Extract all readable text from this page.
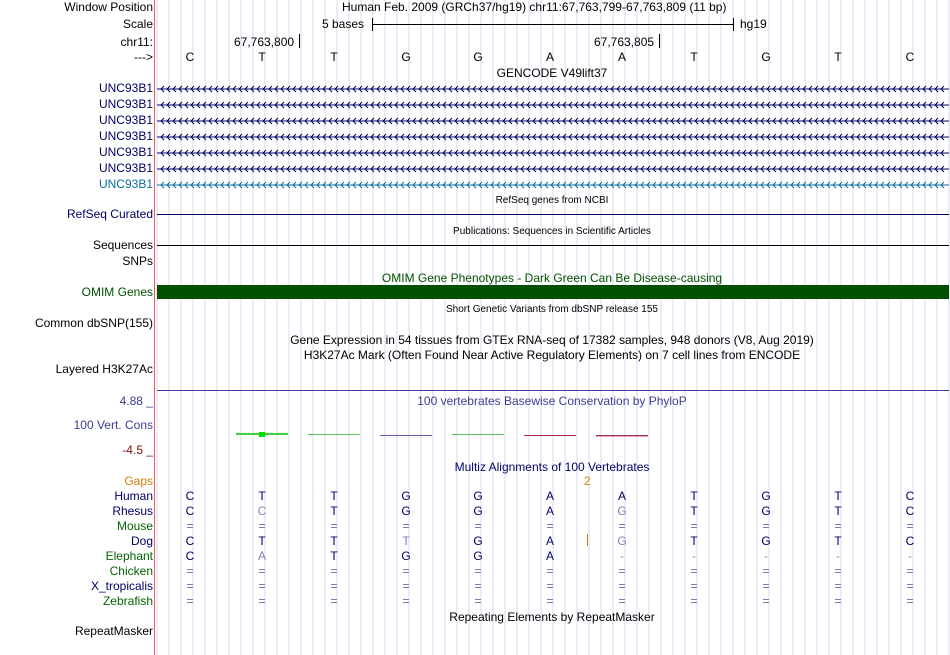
Window Position	Human Feb. 2009 (GRCh37/hg19) chr11:67,763,799-67,763,809 (11 bp)
Scale	5 bases	hg19
chr11:	67,763,800	67,763,805
--->	C	T	T	G	G	A	A	T	G	T	C
GENCODE V49lift37
UNC93B1
UNC93B1
UNC93B1
UNC93B1
UNC93B1
UNC93B1
UNC93B1
RefSeq genes from NCBI
RefSeq Curated
Publications: Sequences in Scientific Articles
Sequences
SNPs
OMIM Gene Phenotypes - Dark Green Can Be Disease-causing
OMIM Genes
Short Genetic Variants from dbSNP release 155
Common dbSNP(155)
Gene Expression in 54 tissues from GTEx RNA-seq of 17382 samples, 948 donors (V8, Aug 2019)
H3K27Ac Mark (Often Found Near Active Regulatory Elements) on 7 cell lines from ENCODE
Layered H3K27Ac
100 vertebrates Basewise Conservation by PhyloP
4.88 _
100 Vert. Cons
-4.5 _
Multiz Alignments of 100 Vertebrates
Gaps	2
Human	C	T	T	G	G	A	A	T	G	T	C
Rhesus	C	C	T	G	G	A	G	T	G	T	C
Mouse	=	=	=	=	=	=	=	=	=	=	=
Dog	C	T	T	T	G	A	G	T	G	T	C
Elephant	C	A	T	G	G	A	-	-	-	-	-
Chicken	=	=	=	=	=	=	=	=	=	=	=
X_tropicalis	=	=	=	=	=	=	=	=	=	=	=
Zebrafish	=	=	=	=	=	=	=	=	=	=	=
Repeating Elements by RepeatMasker
RepeatMasker
